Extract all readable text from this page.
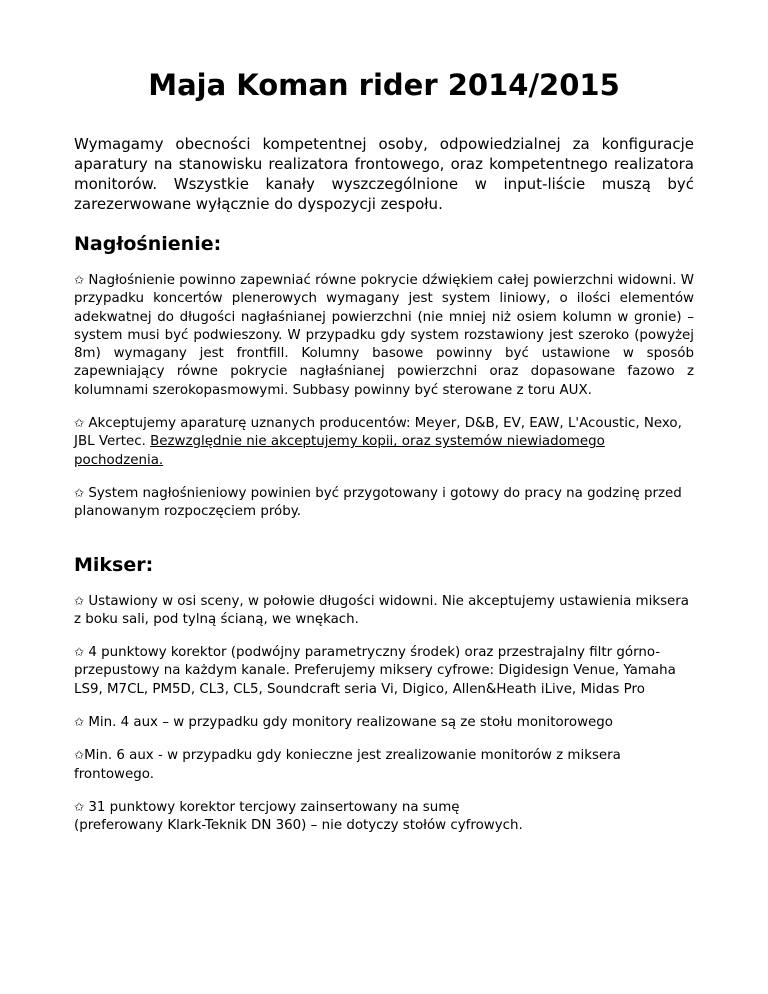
Maja Koman rider 2014/2015

Wymagamy obecności kompetentnej osoby, odpowiedzialnej za konfiguracje aparatury na stanowisku realizatora frontowego, oraz kompetentnego realizatora monitorów. Wszystkie kanały wyszczególnione w input-liście muszą być zarezerwowane wyłącznie do dyspozycji zespołu.

Nagłośnienie:

✩ Nagłośnienie powinno zapewniać równe pokrycie dźwiękiem całej powierzchni widowni. W przypadku koncertów plenerowych wymagany jest system liniowy, o ilości elementów adekwatnej do długości nagłaśnianej powierzchni (nie mniej niż osiem kolumn w gronie) – system musi być podwieszony. W przypadku gdy system rozstawiony jest szeroko (powyżej 8m) wymagany jest frontfill. Kolumny basowe powinny być ustawione w sposób zapewniający równe pokrycie nagłaśnianej powierzchni oraz dopasowane fazowo z kolumnami szerokopasmowymi. Subbasy powinny być sterowane z toru AUX.

✩ Akceptujemy aparaturę uznanych producentów: Meyer, D&B, EV, EAW, L'Acoustic, Nexo, JBL Vertec. Bezwzględnie nie akceptujemy kopii, oraz systemów niewiadomego pochodzenia.

✩ System nagłośnieniowy powinien być przygotowany i gotowy do pracy na godzinę przed planowanym rozpoczęciem próby.

Mikser:

✩ Ustawiony w osi sceny, w połowie długości widowni. Nie akceptujemy ustawienia miksera z boku sali, pod tylną ścianą, we wnękach.

✩ 4 punktowy korektor (podwójny parametryczny środek) oraz przestrajalny filtr górno-przepustowy na każdym kanale. Preferujemy miksery cyfrowe: Digidesign Venue, Yamaha LS9, M7CL, PM5D, CL3, CL5, Soundcraft seria Vi, Digico, Allen&Heath iLive, Midas Pro

✩ Min. 4 aux – w przypadku gdy monitory realizowane są ze stołu monitorowego

✩Min. 6 aux - w przypadku gdy konieczne jest zrealizowanie monitorów z miksera frontowego.

✩ 31 punktowy korektor tercjowy zainsertowany na sumę
(preferowany Klark-Teknik DN 360) – nie dotyczy stołów cyfrowych.
